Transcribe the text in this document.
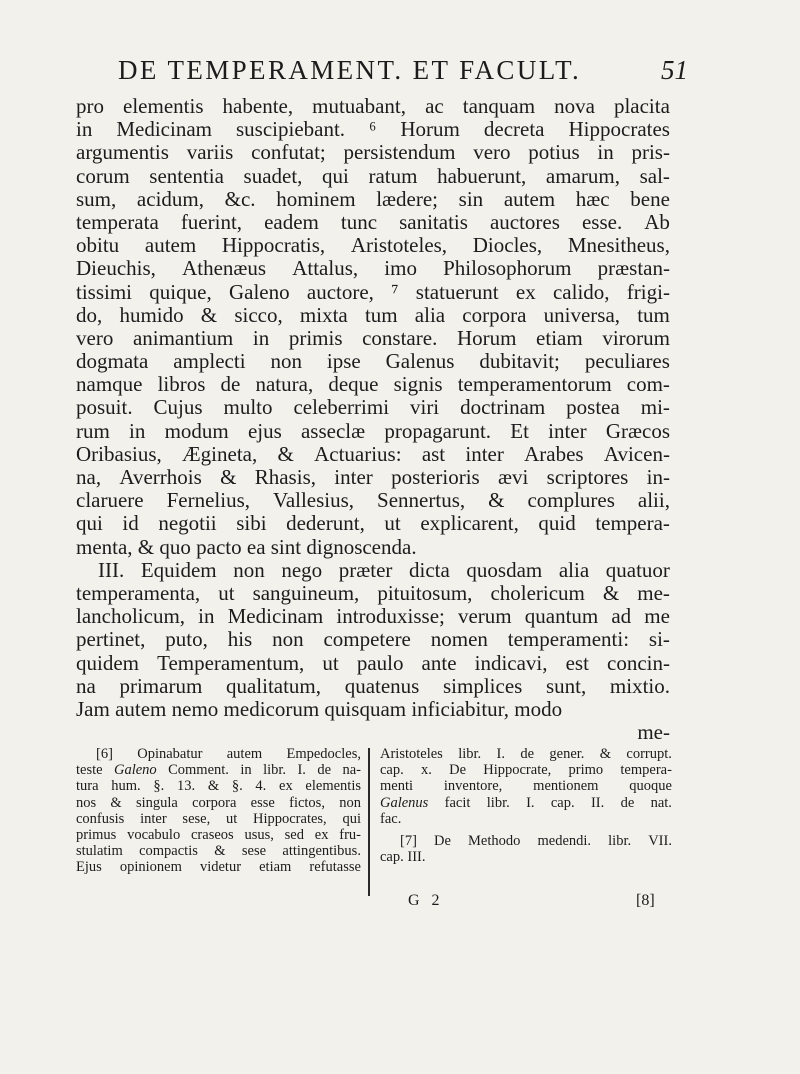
DE TEMPERAMENT. ET FACULT.	51
pro elementis habente, mutuabant, ac tanquam nova placita
in Medicinam suscipiebant. ⁶ Horum decreta Hippocrates
argumentis variis confutat; persistendum vero potius in pris-
corum sententia suadet, qui ratum habuerunt, amarum, sal-
sum, acidum, &c. hominem lædere; sin autem hæc bene
temperata fuerint, eadem tunc sanitatis auctores esse. Ab
obitu autem Hippocratis, Aristoteles, Diocles, Mnesitheus,
Dieuchis, Athenæus Attalus, imo Philosophorum præstan-
tissimi quique, Galeno auctore, ⁷ statuerunt ex calido, frigi-
do, humido & sicco, mixta tum alia corpora universa, tum
vero animantium in primis constare. Horum etiam virorum
dogmata amplecti non ipse Galenus dubitavit; peculiares
namque libros de natura, deque signis temperamentorum com-
posuit. Cujus multo celeberrimi viri doctrinam postea mi-
rum in modum ejus asseclæ propagarunt. Et inter Græcos
Oribasius, Ægineta, & Actuarius: ast inter Arabes Avicen-
na, Averrhois & Rhasis, inter posterioris ævi scriptores in-
claruere Fernelius, Vallesius, Sennertus, & complures alii,
qui id negotii sibi dederunt, ut explicarent, quid tempera-
menta, & quo pacto ea sint dignoscenda.
III. Equidem non nego præter dicta quosdam alia quatuor
temperamenta, ut sanguineum, pituitosum, cholericum & me-
lancholicum, in Medicinam introduxisse; verum quantum ad me
pertinet, puto, his non competere nomen temperamenti: si-
quidem Temperamentum, ut paulo ante indicavi, est concin-
na primarum qualitatum, quatenus simplices sunt, mixtio.
Jam autem nemo medicorum quisquam inficiabitur, modo
me-
[6] Opinabatur autem Empedocles,
teste Galeno Comment. in libr. I. de na-
tura hum. §. 13. & §. 4. ex elementis
nos & singula corpora esse fictos, non
confusis inter sese, ut Hippocrates, qui
primus vocabulo craseos usus, sed ex fru-
stulatim compactis & sese attingentibus.
Ejus opinionem videtur etiam refutasse
Aristoteles libr. I. de gener. & corrupt.
cap. x. De Hippocrate, primo tempera-
menti inventore, mentionem quoque
Galenus facit libr. I. cap. II. de nat.
fac.
[7] De Methodo medendi. libr. VII.
cap.
III.
G 2	[8]
